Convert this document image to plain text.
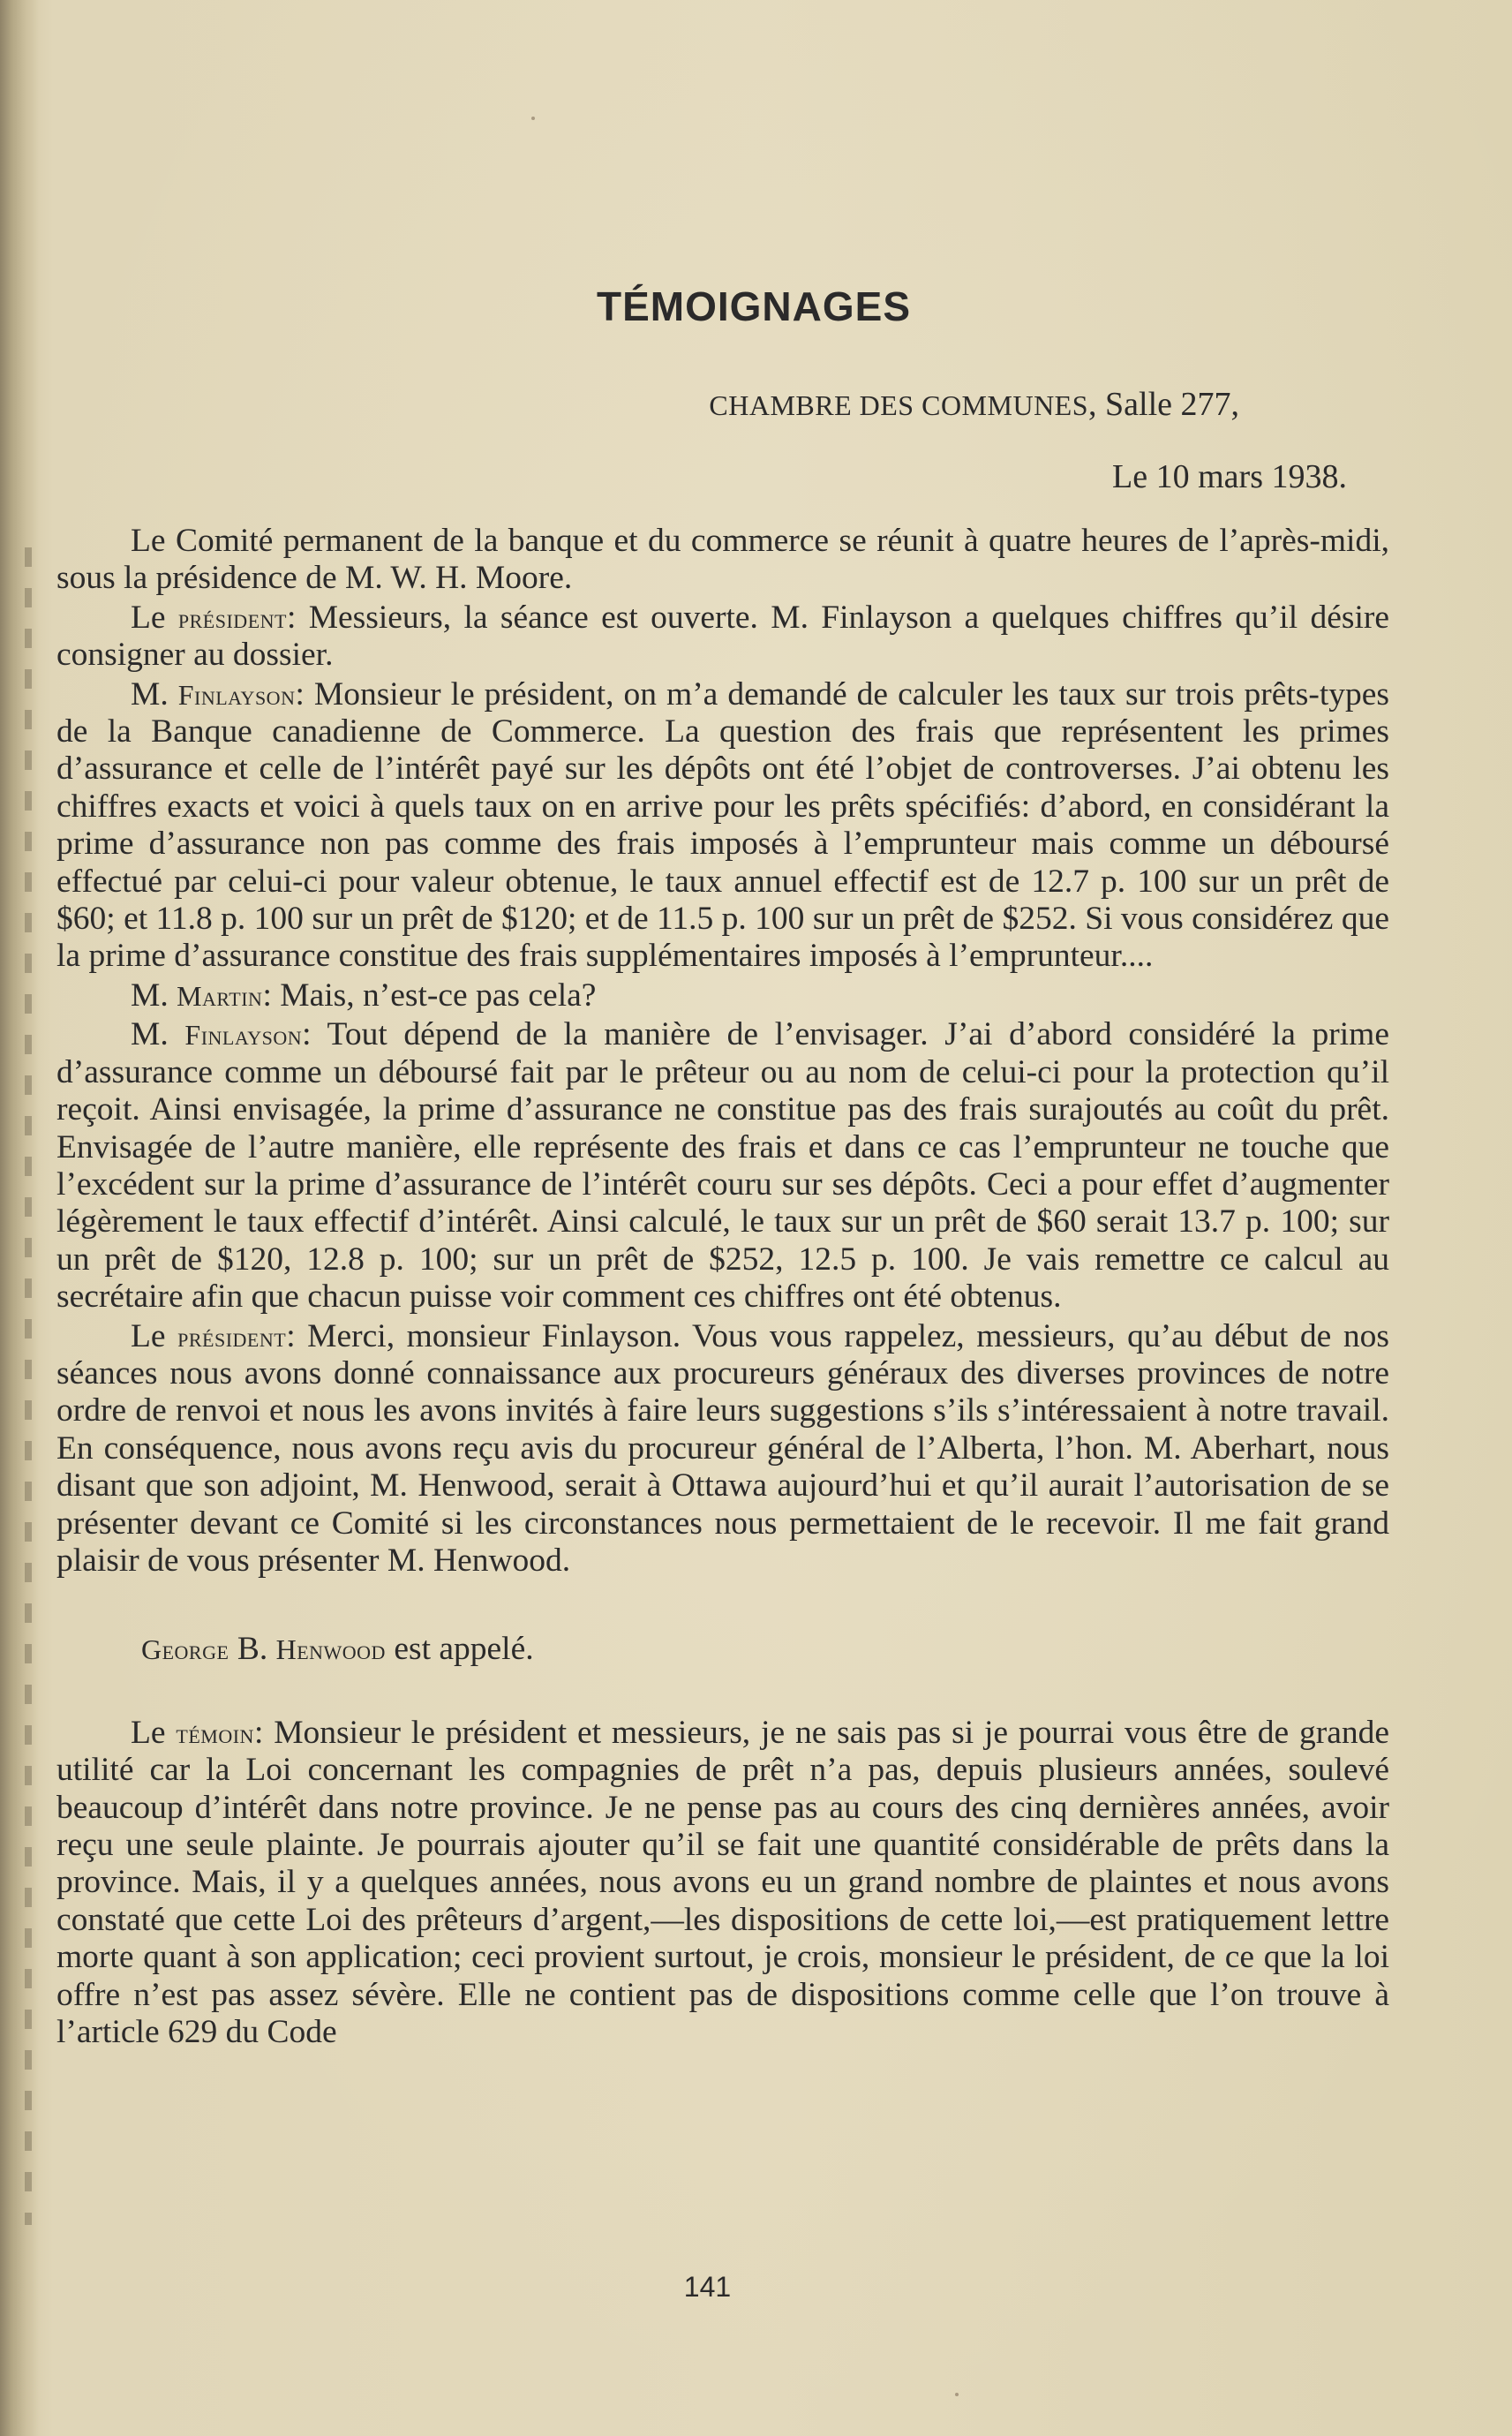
TÉMOIGNAGES
CHAMBRE DES COMMUNES, Salle 277,
Le 10 mars 1938.

Le Comité permanent de la banque et du commerce se réunit à quatre heures de l’après-midi, sous la présidence de M. W. H. Moore.

Le président: Messieurs, la séance est ouverte. M. Finlayson a quelques chiffres qu’il désire consigner au dossier.

M. Finlayson: Monsieur le président, on m’a demandé de calculer les taux sur trois prêts-types de la Banque canadienne de Commerce. La question des frais que représentent les primes d’assurance et celle de l’intérêt payé sur les dépôts ont été l’objet de controverses. J’ai obtenu les chiffres exacts et voici à quels taux on en arrive pour les prêts spécifiés: d’abord, en considérant la prime d’assurance non pas comme des frais imposés à l’emprunteur mais comme un déboursé effectué par celui-ci pour valeur obtenue, le taux annuel effectif est de 12.7 p. 100 sur un prêt de $60; et 11.8 p. 100 sur un prêt de $120; et de 11.5 p. 100 sur un prêt de $252. Si vous considérez que la prime d’assurance constitue des frais supplémentaires imposés à l’emprunteur....

M. Martin: Mais, n’est-ce pas cela?

M. Finlayson: Tout dépend de la manière de l’envisager. J’ai d’abord considéré la prime d’assurance comme un déboursé fait par le prêteur ou au nom de celui-ci pour la protection qu’il reçoit. Ainsi envisagée, la prime d’assurance ne constitue pas des frais surajoutés au coût du prêt. Envisagée de l’autre manière, elle représente des frais et dans ce cas l’emprunteur ne touche que l’excédent sur la prime d’assurance de l’intérêt couru sur ses dépôts. Ceci a pour effet d’augmenter légèrement le taux effectif d’intérêt. Ainsi calculé, le taux sur un prêt de $60 serait 13.7 p. 100; sur un prêt de $120, 12.8 p. 100; sur un prêt de $252, 12.5 p. 100. Je vais remettre ce calcul au secrétaire afin que chacun puisse voir comment ces chiffres ont été obtenus.

Le président: Merci, monsieur Finlayson. Vous vous rappelez, messieurs, qu’au début de nos séances nous avons donné connaissance aux procureurs généraux des diverses provinces de notre ordre de renvoi et nous les avons invités à faire leurs suggestions s’ils s’intéressaient à notre travail. En conséquence, nous avons reçu avis du procureur général de l’Alberta, l’hon. M. Aberhart, nous disant que son adjoint, M. Henwood, serait à Ottawa aujourd’hui et qu’il aurait l’autorisation de se présenter devant ce Comité si les circonstances nous permettaient de le recevoir. Il me fait grand plaisir de vous présenter M. Henwood.

George B. Henwood est appelé.

Le témoin: Monsieur le président et messieurs, je ne sais pas si je pourrai vous être de grande utilité car la Loi concernant les compagnies de prêt n’a pas, depuis plusieurs années, soulevé beaucoup d’intérêt dans notre province. Je ne pense pas au cours des cinq dernières années, avoir reçu une seule plainte. Je pourrais ajouter qu’il se fait une quantité considérable de prêts dans la province. Mais, il y a quelques années, nous avons eu un grand nombre de plaintes et nous avons constaté que cette Loi des prêteurs d’argent,—les dispositions de cette loi,—est pratiquement lettre morte quant à son application; ceci provient surtout, je crois, monsieur le président, de ce que la loi offre n’est pas assez sévère. Elle ne contient pas de dispositions comme celle que l’on trouve à l’article 629 du Code

141
